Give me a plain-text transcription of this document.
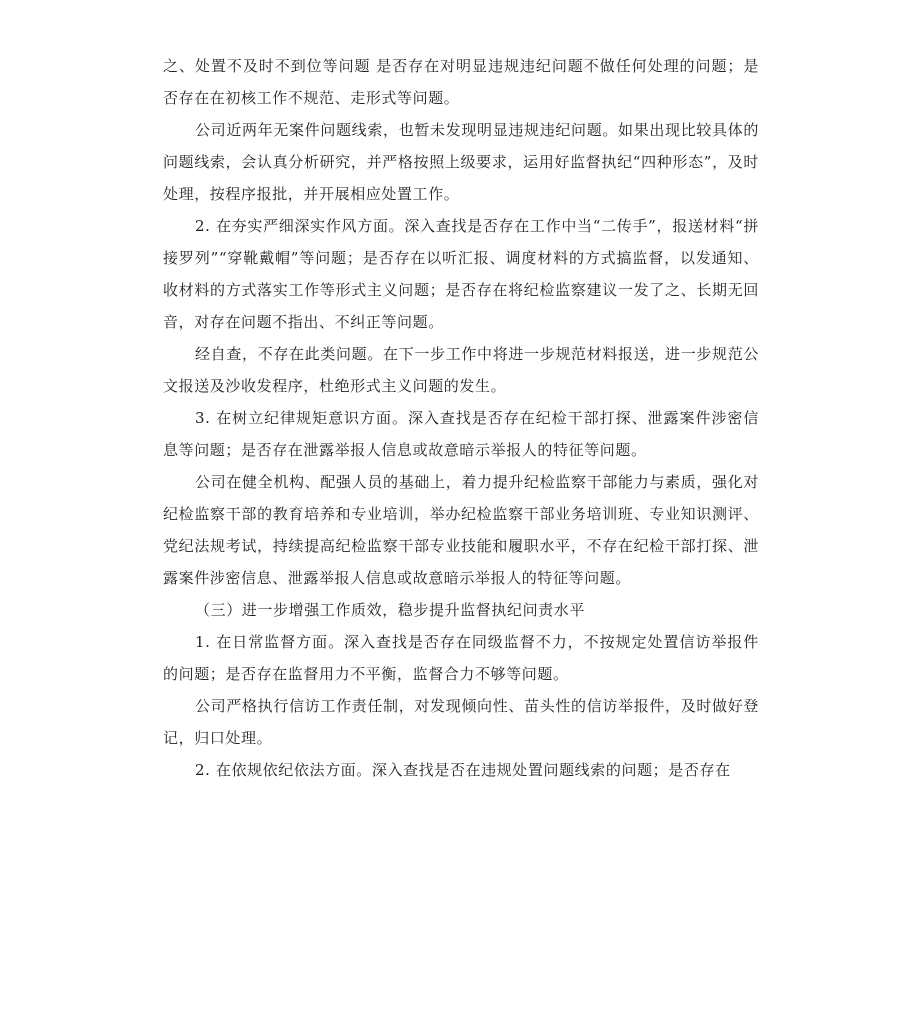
之、处置不及时不到位等问题 是否存在对明显违规违纪问题不做任何处理的问题；是否存在在初核工作不规范、走形式等问题。

公司近两年无案件问题线索，也暂未发现明显违规违纪问题。如果出现比较具体的问题线索，会认真分析研究，并严格按照上级要求，运用好监督执纪“四种形态”，及时处理，按程序报批，并开展相应处置工作。

2. 在夯实严细深实作风方面。深入查找是否存在工作中当“二传手”，报送材料“拼接罗列”“穿靴戴帽”等问题；是否存在以听汇报、调度材料的方式搞监督，以发通知、收材料的方式落实工作等形式主义问题；是否存在将纪检监察建议一发了之、长期无回音，对存在问题不指出、不纠正等问题。

经自查，不存在此类问题。在下一步工作中将进一步规范材料报送，进一步规范公文报送及沙收发程序，杜绝形式主义问题的发生。

3. 在树立纪律规矩意识方面。深入查找是否存在纪检干部打探、泄露案件涉密信息等问题；是否存在泄露举报人信息或故意暗示举报人的特征等问题。

公司在健全机构、配强人员的基础上，着力提升纪检监察干部能力与素质，强化对纪检监察干部的教育培养和专业培训，举办纪检监察干部业务培训班、专业知识测评、党纪法规考试，持续提高纪检监察干部专业技能和履职水平，不存在纪检干部打探、泄露案件涉密信息、泄露举报人信息或故意暗示举报人的特征等问题。

（三）进一步增强工作质效，稳步提升监督执纪问责水平

1. 在日常监督方面。深入查找是否存在同级监督不力，不按规定处置信访举报件的问题；是否存在监督用力不平衡，监督合力不够等问题。

公司严格执行信访工作责任制，对发现倾向性、苗头性的信访举报件，及时做好登记，归口处理。

2. 在依规依纪依法方面。深入查找是否在违规处置问题线索的问题；是否存在
